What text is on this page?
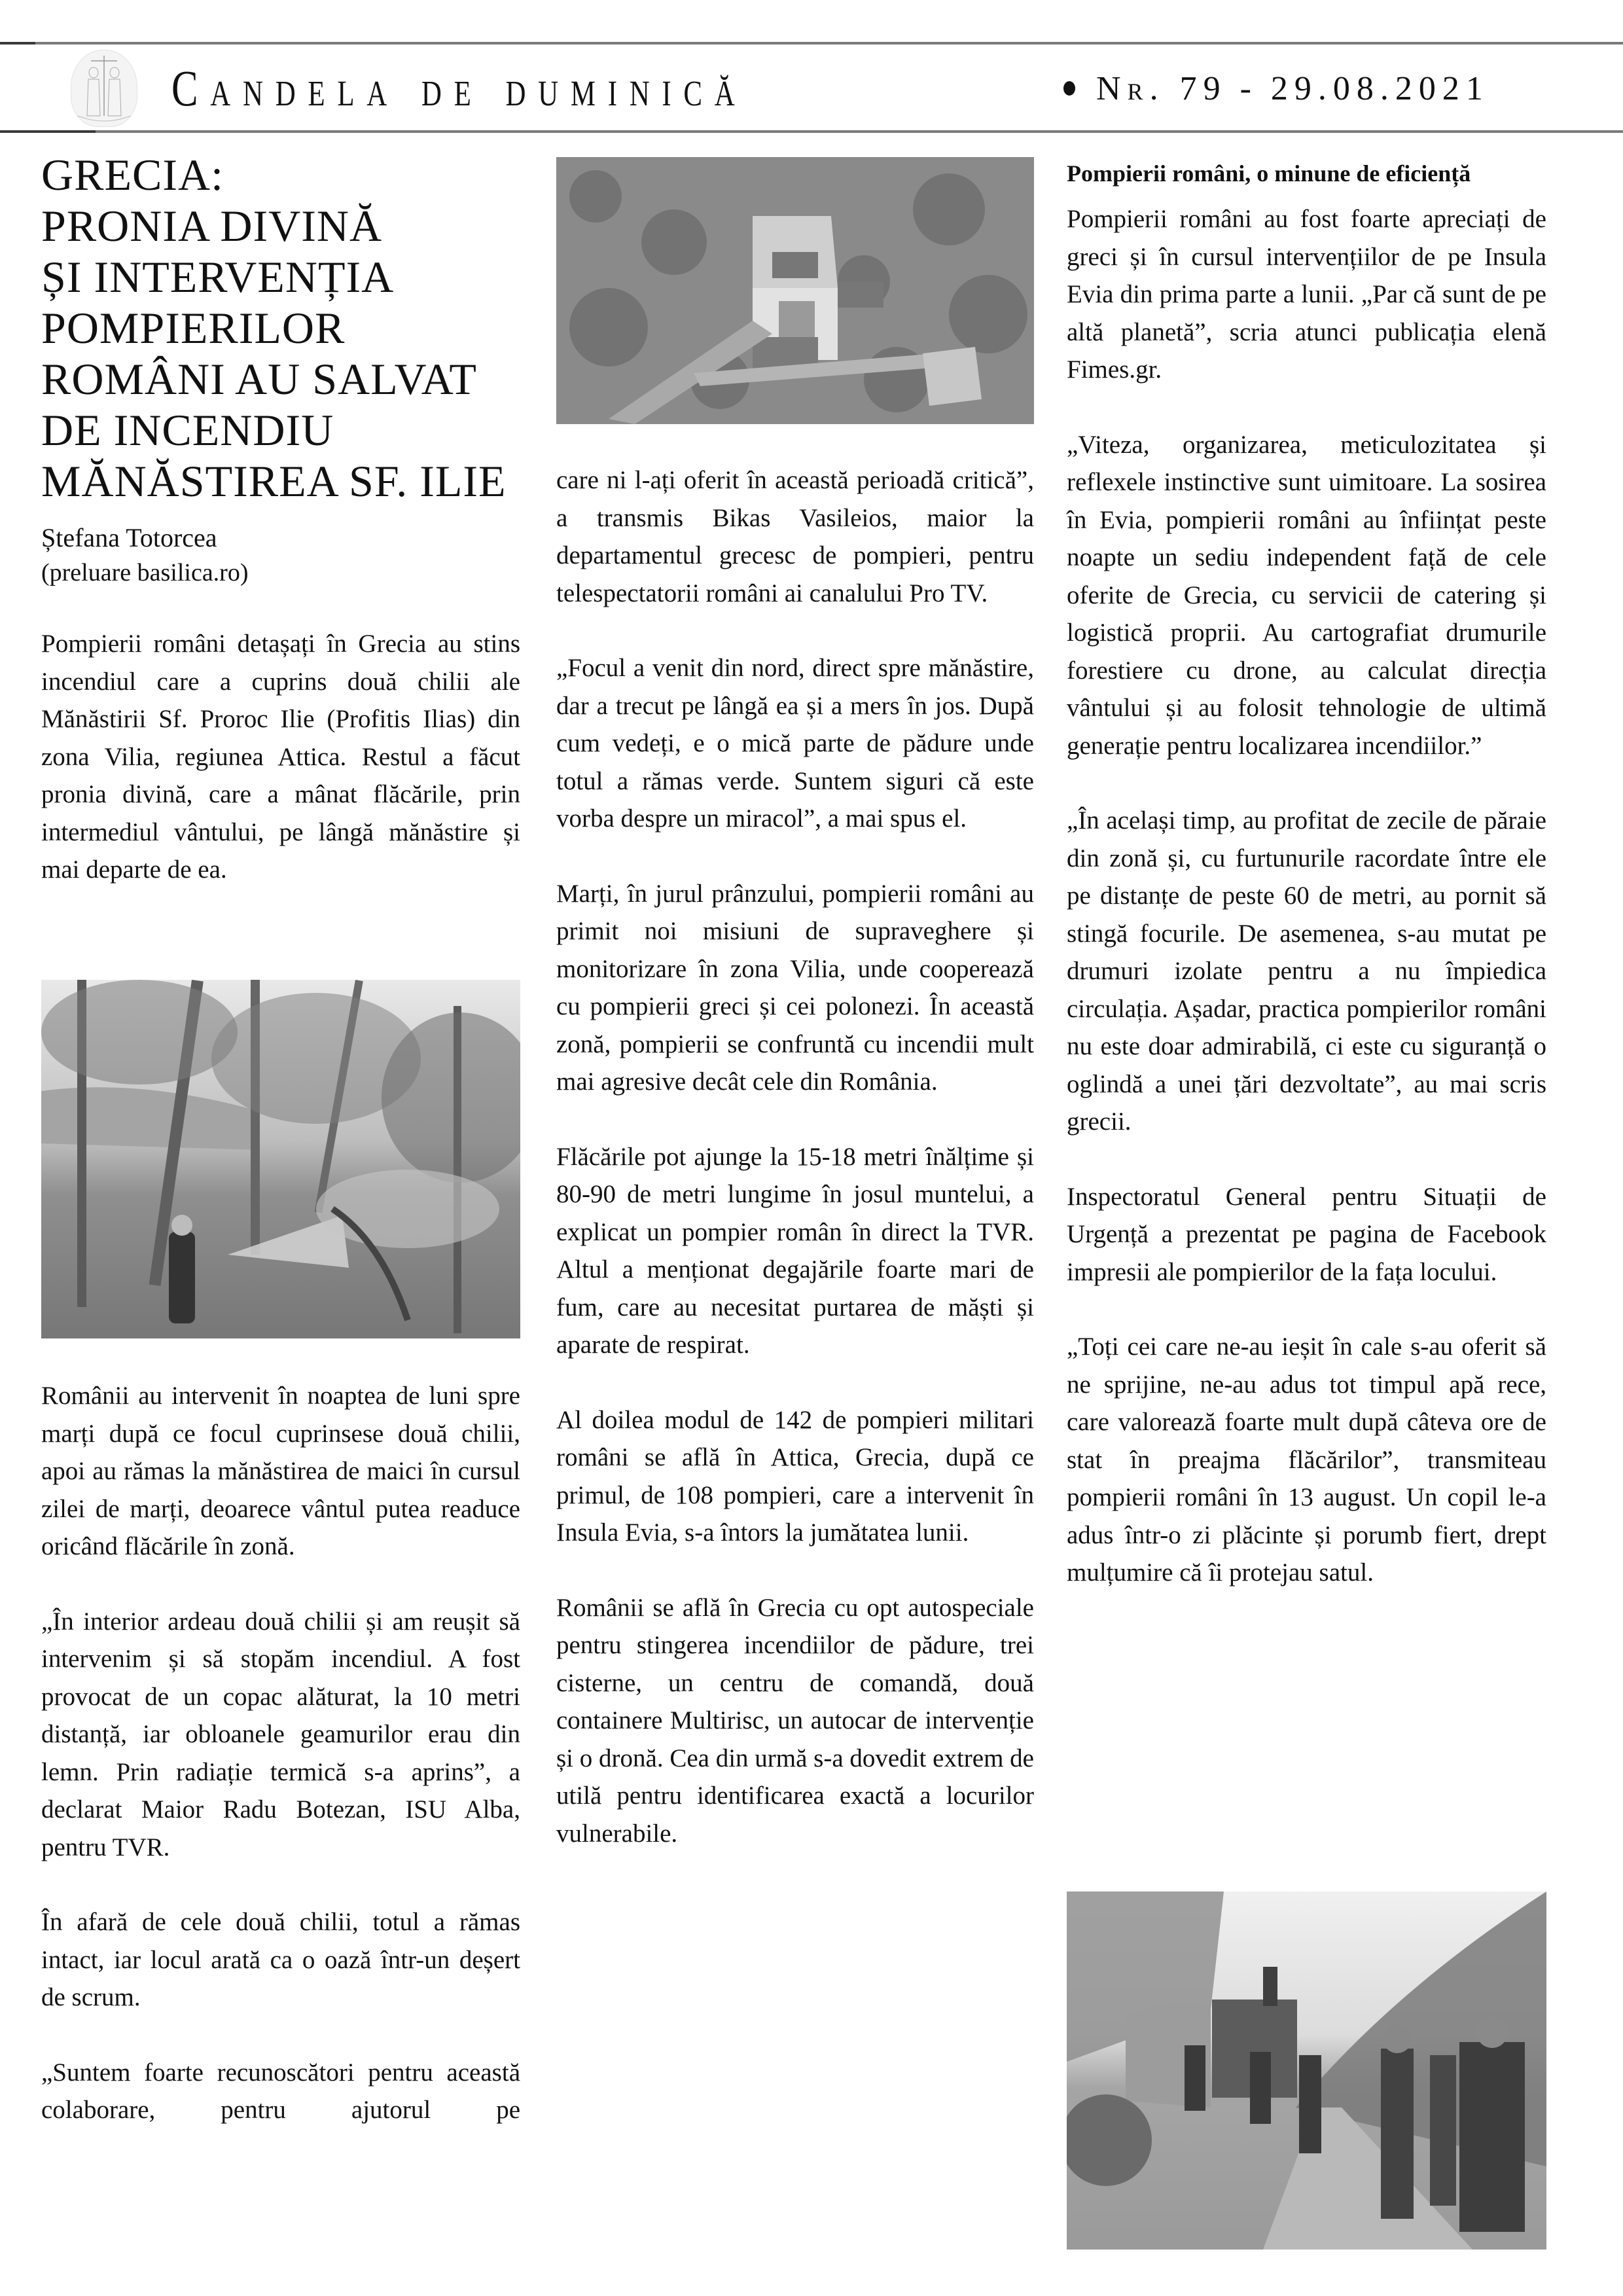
Candela de duminică	Nr. 79 - 29.08.2021
GRECIA:
PRONIA DIVINĂ
ȘI INTERVENȚIA
POMPIERILOR
ROMÂNI AU SALVAT
DE INCENDIU
MĂNĂSTIREA SF. ILIE
Ștefana Totorcea
(preluare basilica.ro)

Pompierii români detașați în Grecia au stins incendiul care a cuprins două chilii ale Mănăstirii Sf. Proroc Ilie (Profitis Ilias) din zona Vilia, regiunea Attica. Restul a făcut pronia divină, care a mânat flăcările, prin intermediul vântului, pe lângă mănăstire și mai departe de ea.

Românii au intervenit în noaptea de luni spre marți după ce focul cuprinsese două chilii, apoi au rămas la mănăstirea de maici în cursul zilei de marți, deoarece vântul putea readuce oricând flăcările în zonă.

„În interior ardeau două chilii și am reușit să intervenim și să stopăm incendiul. A fost provocat de un copac alăturat, la 10 metri distanță, iar obloanele geamurilor erau din lemn. Prin radiație termică s-a aprins”, a declarat Maior Radu Botezan, ISU Alba, pentru TVR.

În afară de cele două chilii, totul a rămas intact, iar locul arată ca o oază într-un deșert de scrum.

„Suntem foarte recunoscători pentru această colaborare, pentru ajutorul pe

care ni l-ați oferit în această perioadă critică”, a transmis Bikas Vasileios, maior la departamentul grecesc de pompieri, pentru telespectatorii români ai canalului Pro TV.

„Focul a venit din nord, direct spre mănăstire, dar a trecut pe lângă ea și a mers în jos. După cum vedeți, e o mică parte de pădure unde totul a rămas verde. Suntem siguri că este vorba despre un miracol”, a mai spus el.

Marți, în jurul prânzului, pompierii români au primit noi misiuni de supraveghere și monitorizare în zona Vilia, unde cooperează cu pompierii greci și cei polonezi. În această zonă, pompierii se confruntă cu incendii mult mai agresive decât cele din România.

Flăcările pot ajunge la 15-18 metri înălțime și 80-90 de metri lungime în josul muntelui, a explicat un pompier român în direct la TVR. Altul a menționat degajările foarte mari de fum, care au necesitat purtarea de măști și aparate de respirat.

Al doilea modul de 142 de pompieri militari români se află în Attica, Grecia, după ce primul, de 108 pompieri, care a intervenit în Insula Evia, s-a întors la jumătatea lunii.

Românii se află în Grecia cu opt autospeciale pentru stingerea incendiilor de pădure, trei cisterne, un centru de comandă, două containere Multirisc, un autocar de intervenție și o dronă. Cea din urmă s-a dovedit extrem de utilă pentru identificarea exactă a locurilor vulnerabile.

Pompierii români, o minune de eficiență

Pompierii români au fost foarte apreciați de greci și în cursul intervențiilor de pe Insula Evia din prima parte a lunii. „Par că sunt de pe altă planetă”, scria atunci publicația elenă Fimes.gr.

„Viteza, organizarea, meticulozitatea și reflexele instinctive sunt uimitoare. La sosirea în Evia, pompierii români au înființat peste noapte un sediu independent față de cele oferite de Grecia, cu servicii de catering și logistică proprii. Au cartografiat drumurile forestiere cu drone, au calculat direcția vântului și au folosit tehnologie de ultimă generație pentru localizarea incendiilor.”

„În același timp, au profitat de zecile de păraie din zonă și, cu furtunurile racordate între ele pe distanțe de peste 60 de metri, au pornit să stingă focurile. De asemenea, s-au mutat pe drumuri izolate pentru a nu împiedica circulația. Așadar, practica pompierilor români nu este doar admirabilă, ci este cu siguranță o oglindă a unei țări dezvoltate”, au mai scris grecii.

Inspectoratul General pentru Situații de Urgență a prezentat pe pagina de Facebook impresii ale pompierilor de la fața locului.

„Toți cei care ne-au ieșit în cale s-au oferit să ne sprijine, ne-au adus tot timpul apă rece, care valorează foarte mult după câteva ore de stat în preajma flăcărilor”, transmiteau pompierii români în 13 august. Un copil le-a adus într-o zi plăcinte și porumb fiert, drept mulțumire că îi protejau satul.
